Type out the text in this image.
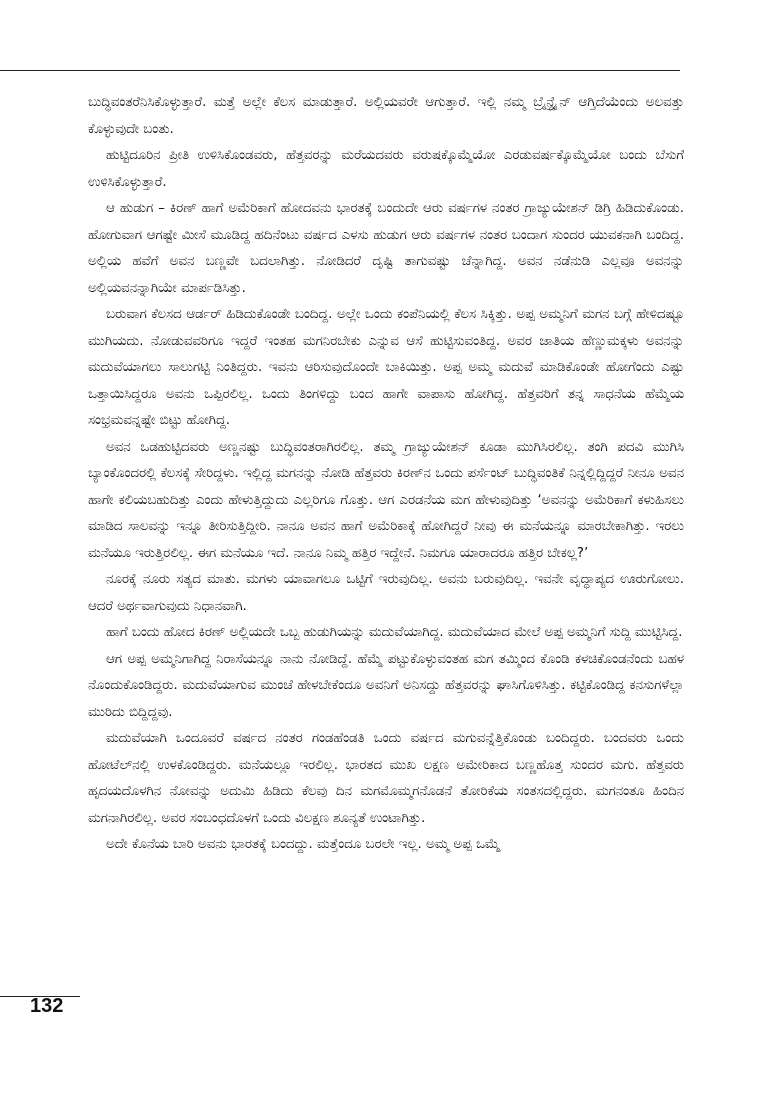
ಬುದ್ಧಿವಂತರೆನಿಸಿಕೊಳ್ಳುತ್ತಾರೆ. ಮತ್ತೆ ಅಲ್ಲೇ ಕೆಲಸ ಮಾಡುತ್ತಾರೆ. ಅಲ್ಲಿಯವರೇ ಆಗುತ್ತಾರೆ. ಇಲ್ಲಿ ನಮ್ಮ ಬ್ರೈನ್ಡ್ರೈನ್ ಆಗ್ತಿದೆಯೆಂದು ಅಲವತ್ತು ಕೊಳ್ಳುವುದೇ ಬಂತು.

ಹುಟ್ಟಿದೂರಿನ ಪ್ರೀತಿ ಉಳಿಸಿಕೊಂಡವರು, ಹೆತ್ತವರನ್ನು ಮರೆಯದವರು ವರುಷಕ್ಕೊಮ್ಮೆಯೋ ಎರಡುವರ್ಷಕ್ಕೊಮ್ಮೆಯೋ ಬಂದು ಬೆಸುಗೆ ಉಳಿಸಿಕೊಳ್ಳುತ್ತಾರೆ.

ಆ ಹುಡುಗ – ಕಿರಣ್ ಹಾಗೆ ಅಮೆರಿಕಾಗೆ ಹೋದವನು ಭಾರತಕ್ಕೆ ಬಂದುದೇ ಆರು ವರ್ಷಗಳ ನಂತರ ಗ್ರಾಜ್ಯುಯೇಶನ್ ಡಿಗ್ರಿ ಹಿಡಿದುಕೊಂಡು. ಹೋಗುವಾಗ ಆಗಷ್ಟೇ ಮೀಸೆ ಮೂಡಿದ್ದ ಹದಿನೆಂಟು ವರ್ಷದ ಎಳಸು ಹುಡುಗ ಆರು ವರ್ಷಗಳ ನಂತರ ಬಂದಾಗ ಸುಂದರ ಯುವಕನಾಗಿ ಬಂದಿದ್ದ. ಅಲ್ಲಿಯ ಹವೆಗೆ ಅವನ ಬಣ್ಣವೇ ಬದಲಾಗಿತ್ತು. ನೋಡಿದರೆ ದೃಷ್ಟಿ ತಾಗುವಷ್ಟು ಚೆನ್ನಾಗಿದ್ದ. ಅವನ ನಡೆನುಡಿ ಎಲ್ಲವೂ ಅವನನ್ನು ಅಲ್ಲಿಯವನನ್ನಾಗಿಯೇ ಮಾರ್ಪಡಿಸಿತ್ತು.

ಬರುವಾಗ ಕೆಲಸದ ಆರ್ಡರ್ ಹಿಡಿದುಕೊಂಡೇ ಬಂದಿದ್ದ. ಅಲ್ಲೇ ಒಂದು ಕಂಪೆನಿಯಲ್ಲಿ ಕೆಲಸ ಸಿಕ್ಕಿತ್ತು. ಅಪ್ಪ ಅಮ್ಮನಿಗೆ ಮಗನ ಬಗ್ಗೆ ಹೇಳಿದಷ್ಟೂ ಮುಗಿಯದು. ನೋಡುವವರಿಗೂ ಇದ್ದರೆ ಇಂತಹ ಮಗನಿರಬೇಕು ಎನ್ನುವ ಆಸೆ ಹುಟ್ಟಿಸುವಂತಿದ್ದ. ಅವರ ಜಾತಿಯ ಹೆಣ್ಣುಮಕ್ಕಳು ಅವನನ್ನು ಮದುವೆಯಾಗಲು ಸಾಲುಗಟ್ಟಿ ನಿಂತಿದ್ದರು. ಇವನು ಆರಿಸುವುದೊಂದೇ ಬಾಕಿಯಿತ್ತು. ಅಪ್ಪ ಅಮ್ಮ ಮದುವೆ ಮಾಡಿಕೊಂಡೇ ಹೋಗೆಂದು ಎಷ್ಟು ಒತ್ತಾಯಿಸಿದ್ದರೂ ಅವನು ಒಪ್ಪಿರಲಿಲ್ಲ. ಒಂದು ತಿಂಗಳಿದ್ದು ಬಂದ ಹಾಗೇ ವಾಪಾಸು ಹೋಗಿದ್ದ. ಹೆತ್ತವರಿಗೆ ತನ್ನ ಸಾಧನೆಯ ಹೆಮ್ಮೆಯ ಸಂಭ್ರಮವನ್ನಷ್ಟೇ ಬಿಟ್ಟು ಹೋಗಿದ್ದ.

ಅವನ ಒಡಹುಟ್ಟಿದವರು ಅಣ್ಣನಷ್ಟು ಬುದ್ಧಿವಂತರಾಗಿರಲಿಲ್ಲ. ತಮ್ಮ ಗ್ರಾಜ್ಯುಯೇಶನ್ ಕೂಡಾ ಮುಗಿಸಿರಲಿಲ್ಲ. ತಂಗಿ ಪದವಿ ಮುಗಿಸಿ ಬ್ಯಾಂಕೊಂದರಲ್ಲಿ ಕೆಲಸಕ್ಕೆ ಸೇರಿದ್ದಳು. ಇಲ್ಲಿದ್ದ ಮಗನನ್ನು ನೋಡಿ ಹೆತ್ತವರು ಕಿರಣ್‌ನ ಒಂದು ಪರ್ಸೆಂಟ್ ಬುದ್ಧಿವಂತಿಕೆ ನಿನ್ನಲ್ಲಿದ್ದಿದ್ದರೆ ನೀನೂ ಅವನ ಹಾಗೇ ಕಲಿಯಬಹುದಿತ್ತು ಎಂದು ಹೇಳುತ್ತಿದ್ದುದು ಎಲ್ಲರಿಗೂ ಗೊತ್ತು. ಆಗ ಎರಡನೆಯ ಮಗ ಹೇಳುವುದಿತ್ತು ‘ಅವನನ್ನು ಅಮೆರಿಕಾಗೆ ಕಳುಹಿಸಲು ಮಾಡಿದ ಸಾಲವನ್ನು ಇನ್ನೂ ತೀರಿಸುತ್ತಿದ್ದೀರಿ. ನಾನೂ ಅವನ ಹಾಗೆ ಅಮೆರಿಕಾಕ್ಕೆ ಹೋಗಿದ್ದರೆ ನೀವು ಈ ಮನೆಯನ್ನೂ ಮಾರಬೇಕಾಗಿತ್ತು. ಇರಲು ಮನೆಯೂ ಇರುತ್ತಿರಲಿಲ್ಲ. ಈಗ ಮನೆಯೂ ಇದೆ. ನಾನೂ ನಿಮ್ಮ ಹತ್ತಿರ ಇದ್ದೇನೆ. ನಿಮಗೂ ಯಾರಾದರೂ ಹತ್ತಿರ ಬೇಕಲ್ಲ?’

ನೂರಕ್ಕೆ ನೂರು ಸತ್ಯದ ಮಾತು. ಮಗಳು ಯಾವಾಗಲೂ ಒಟ್ಟಿಗೆ ಇರುವುದಿಲ್ಲ. ಅವನು ಬರುವುದಿಲ್ಲ. ಇವನೇ ವೃದ್ಧಾಪ್ಯದ ಊರುಗೋಲು. ಆದರೆ ಅರ್ಥವಾಗುವುದು ನಿಧಾನವಾಗಿ.

ಹಾಗೆ ಬಂದು ಹೋದ ಕಿರಣ್ ಅಲ್ಲಿಯದೇ ಒಬ್ಬ ಹುಡುಗಿಯನ್ನು ಮದುವೆಯಾಗಿದ್ದ. ಮದುವೆಯಾದ ಮೇಲೆ ಅಪ್ಪ ಅಮ್ಮನಿಗೆ ಸುದ್ದಿ ಮುಟ್ಟಿಸಿದ್ದ.

ಆಗ ಅಪ್ಪ ಅಮ್ಮನಿಗಾಗಿದ್ದ ನಿರಾಸೆಯನ್ನೂ ನಾನು ನೋಡಿದ್ದೆ. ಹೆಮ್ಮೆ ಪಟ್ಟುಕೊಳ್ಳುವಂತಹ ಮಗ ತಮ್ಮಿಂದ ಕೊಂಡಿ ಕಳಚಿಕೊಂಡನೆಂದು ಬಹಳ ನೊಂದುಕೊಂಡಿದ್ದರು. ಮದುವೆಯಾಗುವ ಮುಂಚೆ ಹೇಳಬೇಕೆಂದೂ ಅವನಿಗೆ ಅನಿಸದ್ದು ಹೆತ್ತವರನ್ನು ಘಾಸಿಗೊಳಿಸಿತ್ತು. ಕಟ್ಟಿಕೊಂಡಿದ್ದ ಕನಸುಗಳೆಲ್ಲಾ ಮುರಿದು ಬಿದ್ದಿದ್ದವು.

ಮದುವೆಯಾಗಿ ಒಂದೂವರೆ ವರ್ಷದ ನಂತರ ಗಂಡಹೆಂಡತಿ ಒಂದು ವರ್ಷದ ಮಗುವನ್ನೆತ್ತಿಕೊಂಡು ಬಂದಿದ್ದರು. ಬಂದವರು ಒಂದು ಹೋಟೆಲ್‌ನಲ್ಲಿ ಉಳಕೊಂಡಿದ್ದರು. ಮನೆಯಲ್ಲೂ ಇರಲಿಲ್ಲ. ಭಾರತದ ಮುಖ ಲಕ್ಷಣ ಅಮೇರಿಕಾದ ಬಣ್ಣಹೊತ್ತ ಸುಂದರ ಮಗು. ಹೆತ್ತವರು ಹೃದಯದೊಳಗಿನ ನೋವನ್ನು ಅದುಮಿ ಹಿಡಿದು ಕೆಲವು ದಿನ ಮಗಮೊಮ್ಮಗನೊಡನೆ ತೋರಿಕೆಯ ಸಂತಸದಲ್ಲಿದ್ದರು. ಮಗನಂತೂ ಹಿಂದಿನ ಮಗನಾಗಿರಲಿಲ್ಲ. ಅವರ ಸಂಬಂಧದೊಳಗೆ ಒಂದು ವಿಲಕ್ಷಣ ಶೂನ್ಯತೆ ಉಂಟಾಗಿತ್ತು.

ಅದೇ ಕೊನೆಯ ಬಾರಿ ಅವನು ಭಾರತಕ್ಕೆ ಬಂದದ್ದು. ಮತ್ತೆಂದೂ ಬರಲೇ ಇಲ್ಲ. ಅಮ್ಮ ಅಪ್ಪ ಒಮ್ಮೆ

132
